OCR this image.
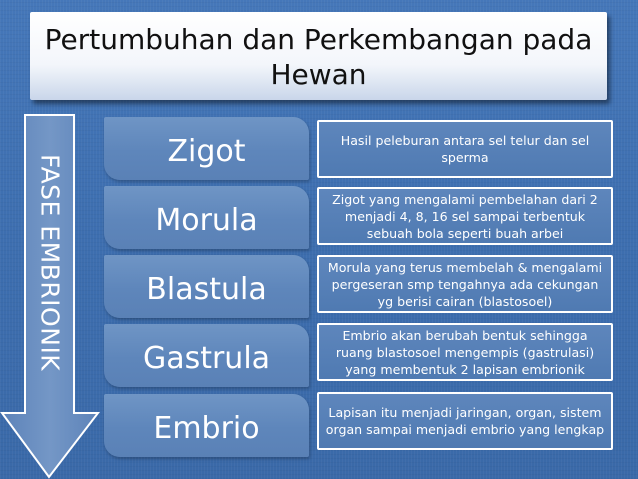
Pertumbuhan dan Perkembangan pada
Hewan
FASE EMBRIONIK
Zigot	Hasil peleburan antara sel telur dan sel sperma
Morula
Zigot yang mengalami pembelahan dari 2 menjadi 4, 8, 16 sel sampai terbentuk sebuah bola seperti buah arbei
Blastula
Morula yang terus membelah & mengalami pergeseran smp tengahnya ada cekungan yg berisi cairan (blastosoel)
Gastrula
Embrio akan berubah bentuk sehingga ruang blastosoel mengempis (gastrulasi) yang membentuk 2 lapisan embrionik
Embrio	Lapisan itu menjadi jaringan, organ, sistem organ sampai menjadi embrio yang lengkap
